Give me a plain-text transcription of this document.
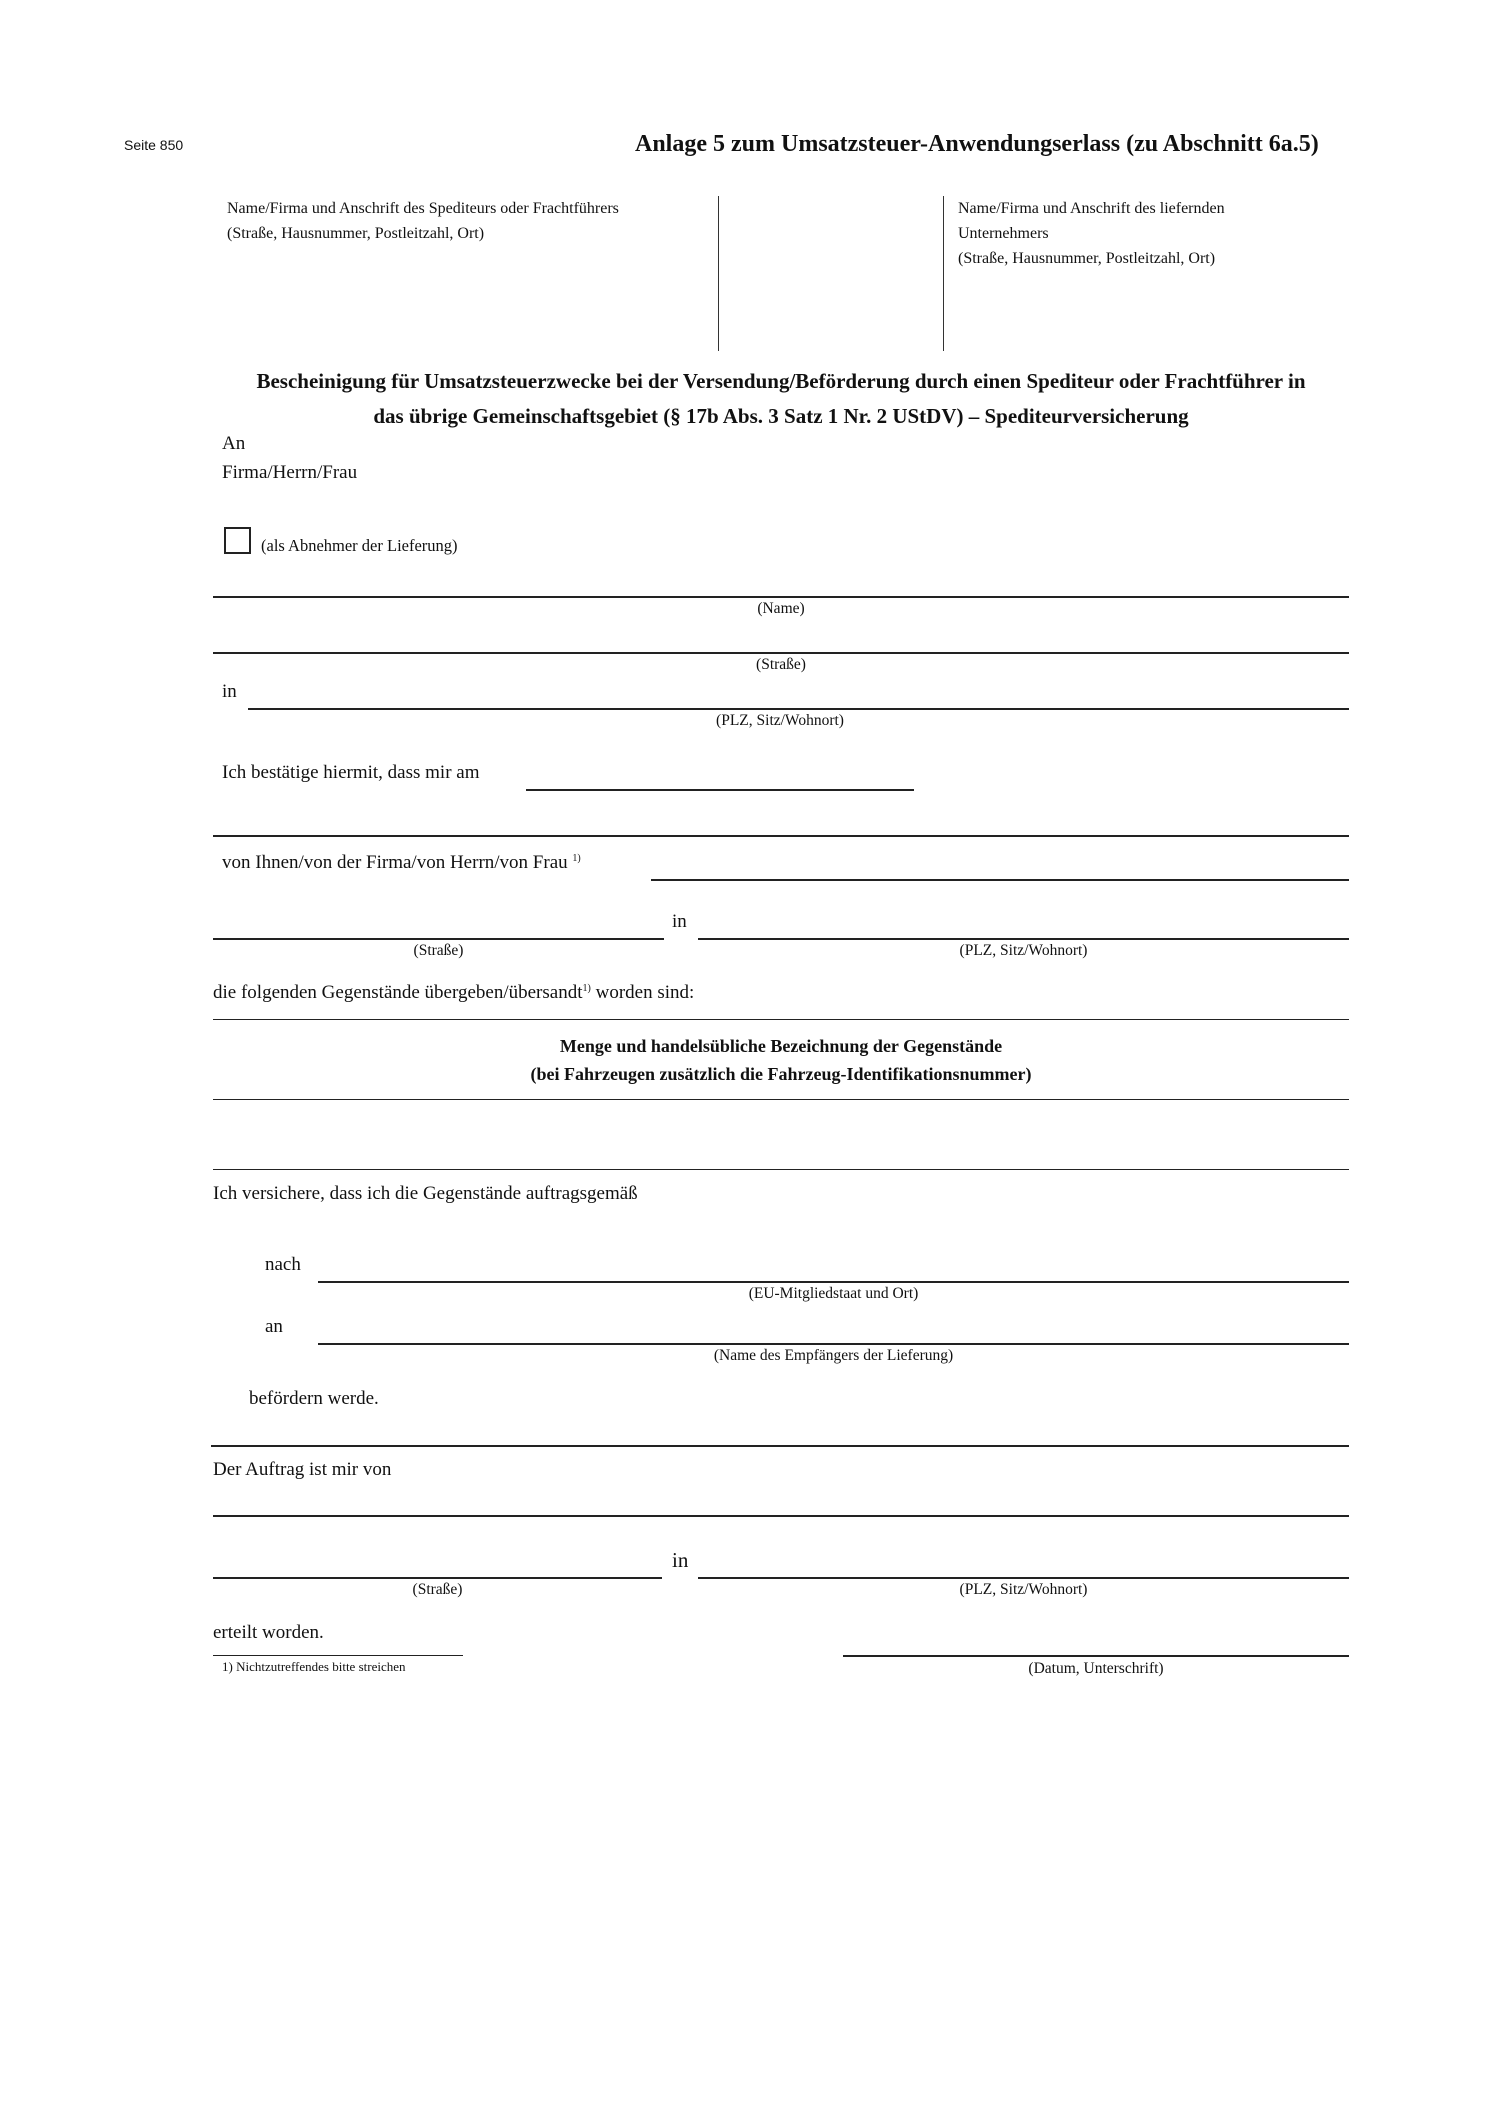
Seite 850	Anlage 5 zum Umsatzsteuer-Anwendungserlass (zu Abschnitt 6a.5)
Name/Firma und Anschrift des Spediteurs oder Frachtführers
(Straße, Hausnummer, Postleitzahl, Ort)
Name/Firma und Anschrift des liefernden
Unternehmers
(Straße, Hausnummer, Postleitzahl, Ort)
Bescheinigung für Umsatzsteuerzwecke bei der Versendung/Beförderung durch einen Spediteur oder Frachtführer in
das übrige Gemeinschaftsgebiet (§ 17b Abs. 3 Satz 1 Nr. 2 UStDV) – Spediteurversicherung
An
Firma/Herrn/Frau
(als Abnehmer der Lieferung)
(Name)
(Straße)
in
(PLZ, Sitz/Wohnort)
Ich bestätige hiermit, dass mir am
von Ihnen/von der Firma/von Herrn/von Frau $^{1)}$
in
(Straße)	(PLZ, Sitz/Wohnort)
die folgenden Gegenstände übergeben/übersandt$^{1)}$ worden sind:
Menge und handelsübliche Bezeichnung der Gegenstände
(bei Fahrzeugen zusätzlich die Fahrzeug-Identifikationsnummer)
Ich versichere, dass ich die Gegenstände auftragsgemäß
nach
(EU-Mitgliedstaat und Ort)
an
(Name des Empfängers der Lieferung)
befördern werde.
Der Auftrag ist mir von
in
(Straße)	(PLZ, Sitz/Wohnort)
erteilt worden.
1) Nichtzutreffendes bitte streichen	(Datum, Unterschrift)
